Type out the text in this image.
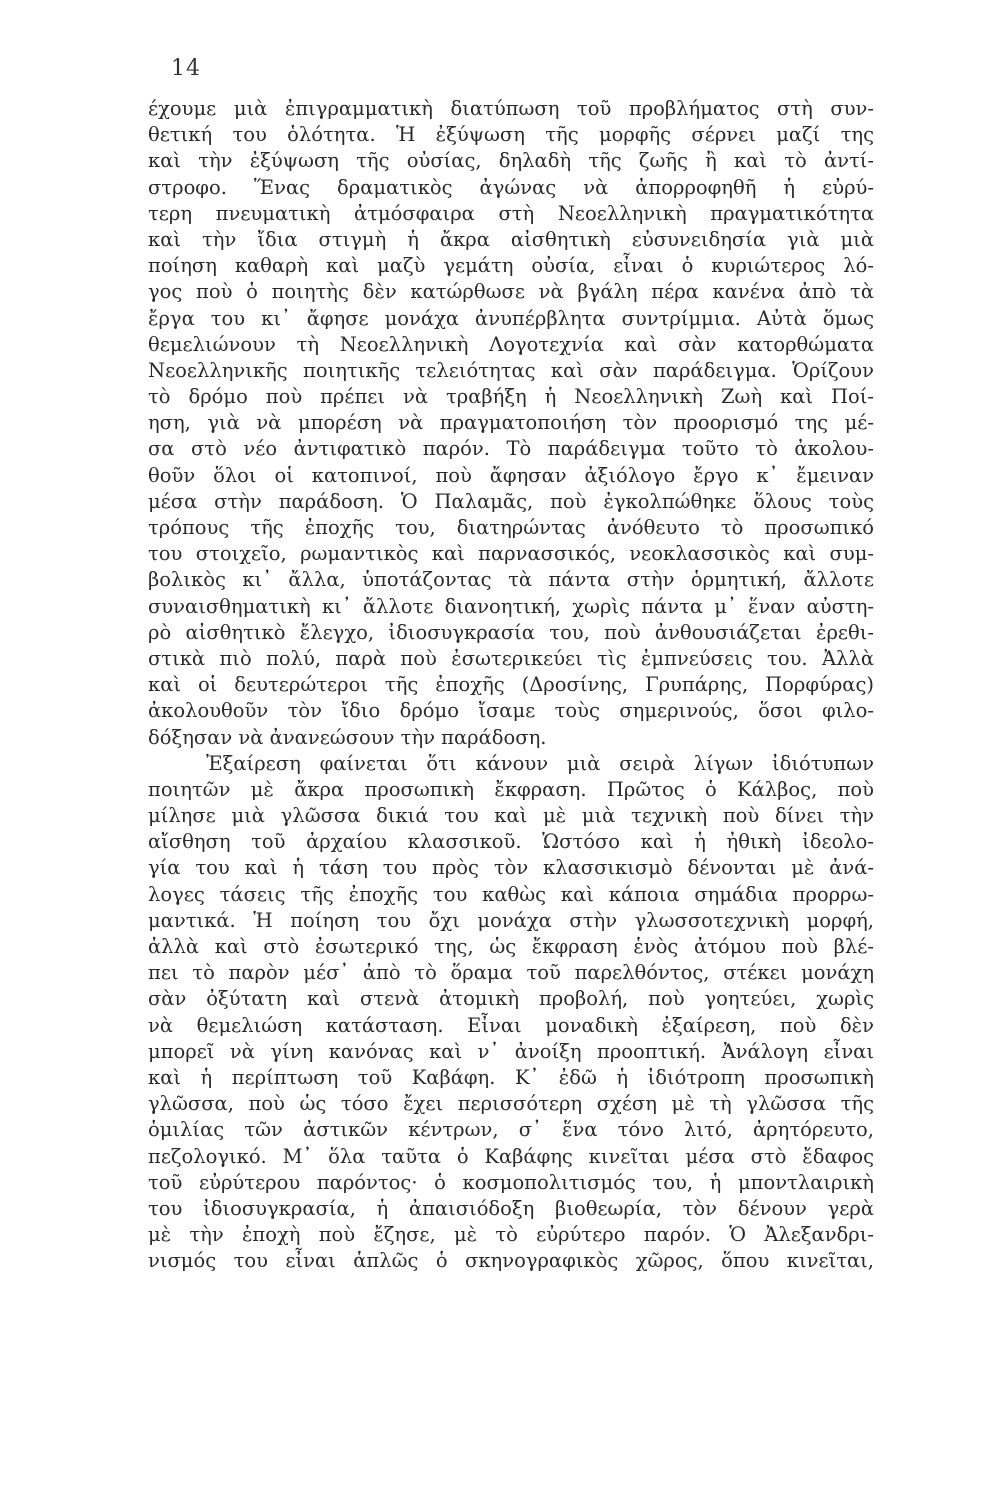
14
έχουμε μιὰ ἐπιγραμματικὴ διατύπωση τοῦ προβλήματος στὴ συν-
θετική του ὁλότητα. Ἡ ἐξύψωση τῆς μορφῆς σέρνει μαζί της
καὶ τὴν ἐξύψωση τῆς οὐσίας, δηλαδὴ τῆς ζωῆς ἢ καὶ τὸ ἀντί-
στροφο. Ἕνας δραματικὸς ἀγώνας νὰ ἀπορροφηθῆ ἡ εὐρύ-
τερη πνευματικὴ ἀτμόσφαιρα στὴ Νεοελληνικὴ πραγματικότητα
καὶ τὴν ἴδια στιγμὴ ἡ ἄκρα αἰσθητικὴ εὐσυνειδησία γιὰ μιὰ
ποίηση καθαρὴ καὶ μαζὺ γεμάτη οὐσία, εἶναι ὁ κυριώτερος λό-
γος ποὺ ὁ ποιητὴς δὲν κατώρθωσε νὰ βγάλη πέρα κανένα ἀπὸ τὰ
ἔργα του κι᾿ ἄφησε μονάχα ἀνυπέρβλητα συντρίμμια. Αὐτὰ ὅμως
θεμελιώνουν τὴ Νεοελληνικὴ Λογοτεχνία καὶ σὰν κατορθώματα
Νεοελληνικῆς ποιητικῆς τελειότητας καὶ σὰν παράδειγμα. Ὁρίζουν
τὸ δρόμο ποὺ πρέπει νὰ τραβήξη ἡ Νεοελληνικὴ Ζωὴ καὶ Ποί-
ηση, γιὰ νὰ μπορέση νὰ πραγματοποιήση τὸν προορισμό της μέ-
σα στὸ νέο ἀντιφατικὸ παρόν. Τὸ παράδειγμα τοῦτο τὸ ἀκολου-
θοῦν ὅλοι οἱ κατοπινοί, ποὺ ἄφησαν ἀξιόλογο ἔργο κ᾿ ἔμειναν
μέσα στὴν παράδοση. Ὁ Παλαμᾶς, ποὺ ἐγκολπώθηκε ὅλους τοὺς
τρόπους τῆς ἐποχῆς του, διατηρώντας ἀνόθευτο τὸ προσωπικό
του στοιχεῖο, ρωμαντικὸς καὶ παρνασσικός, νεοκλασσικὸς καὶ συμ-
βολικὸς κι᾿ ἄλλα, ὑποτάζοντας τὰ πάντα στὴν ὁρμητική, ἄλλοτε
συναισθηματικὴ κι᾿ ἄλλοτε διανοητική, χωρὶς πάντα μ᾿ ἕναν αὐστη-
ρὸ αἰσθητικὸ ἔλεγχο, ἰδιοσυγκρασία του, ποὺ ἀνθουσιάζεται ἐρεθι-
στικὰ πιὸ πολύ, παρὰ ποὺ ἐσωτερικεύει τὶς ἐμπνεύσεις του. Ἀλλὰ
καὶ οἱ δευτερώτεροι τῆς ἐποχῆς (Δροσίνης, Γρυπάρης, Πορφύρας)
ἀκολουθοῦν τὸν ἴδιο δρόμο ἴσαμε τοὺς σημερινούς, ὅσοι φιλο-
δόξησαν νὰ ἀνανεώσουν τὴν παράδοση.
Ἐξαίρεση φαίνεται ὅτι κάνουν μιὰ σειρὰ λίγων ἰδιότυπων
ποιητῶν μὲ ἄκρα προσωπικὴ ἔκφραση. Πρῶτος ὁ Κάλβος, ποὺ
μίλησε μιὰ γλῶσσα δικιά του καὶ μὲ μιὰ τεχνικὴ ποὺ δίνει τὴν
αἴσθηση τοῦ ἀρχαίου κλασσικοῦ. Ὡστόσο καὶ ἡ ἠθικὴ ἰδεολο-
γία του καὶ ἡ τάση του πρὸς τὸν κλασσικισμὸ δένονται μὲ ἀνά-
λογες τάσεις τῆς ἐποχῆς του καθὼς καὶ κάποια σημάδια προρρω-
μαντικά. Ἡ ποίηση του ὄχι μονάχα στὴν γλωσσοτεχνικὴ μορφή,
ἀλλὰ καὶ στὸ ἐσωτερικό της, ὡς ἔκφραση ἑνὸς ἀτόμου ποὺ βλέ-
πει τὸ παρὸν μέσ᾿ ἀπὸ τὸ ὅραμα τοῦ παρελθόντος, στέκει μονάχη
σὰν ὀξύτατη καὶ στενὰ ἀτομικὴ προβολή, ποὺ γοητεύει, χωρὶς
νὰ θεμελιώση κατάσταση. Εἶναι μοναδικὴ ἐξαίρεση, ποὺ δὲν
μπορεῖ νὰ γίνη κανόνας καὶ ν᾿ ἀνοίξη προοπτική. Ἀνάλογη εἶναι
καὶ ἡ περίπτωση τοῦ Καβάφη. Κ᾿ ἐδῶ ἡ ἰδιότροπη προσωπικὴ
γλῶσσα, ποὺ ὡς τόσο ἔχει περισσότερη σχέση μὲ τὴ γλῶσσα τῆς
ὁμιλίας τῶν ἀστικῶν κέντρων, σ᾿ ἕνα τόνο λιτό, ἀρητόρευτο,
πεζολογικό. Μ᾿ ὅλα ταῦτα ὁ Καβάφης κινεῖται μέσα στὸ ἔδαφος
τοῦ εὐρύτερου παρόντος· ὁ κοσμοπολιτισμός του, ἡ μποντλαιρικὴ
του ἰδιοσυγκρασία, ἡ ἀπαισιόδοξη βιοθεωρία, τὸν δένουν γερὰ
μὲ τὴν ἐποχὴ ποὺ ἔζησε, μὲ τὸ εὐρύτερο παρόν. Ὁ Ἀλεξανδρι-
νισμός του εἶναι ἁπλῶς ὁ σκηνογραφικὸς χῶρος, ὅπου κινεῖται,
